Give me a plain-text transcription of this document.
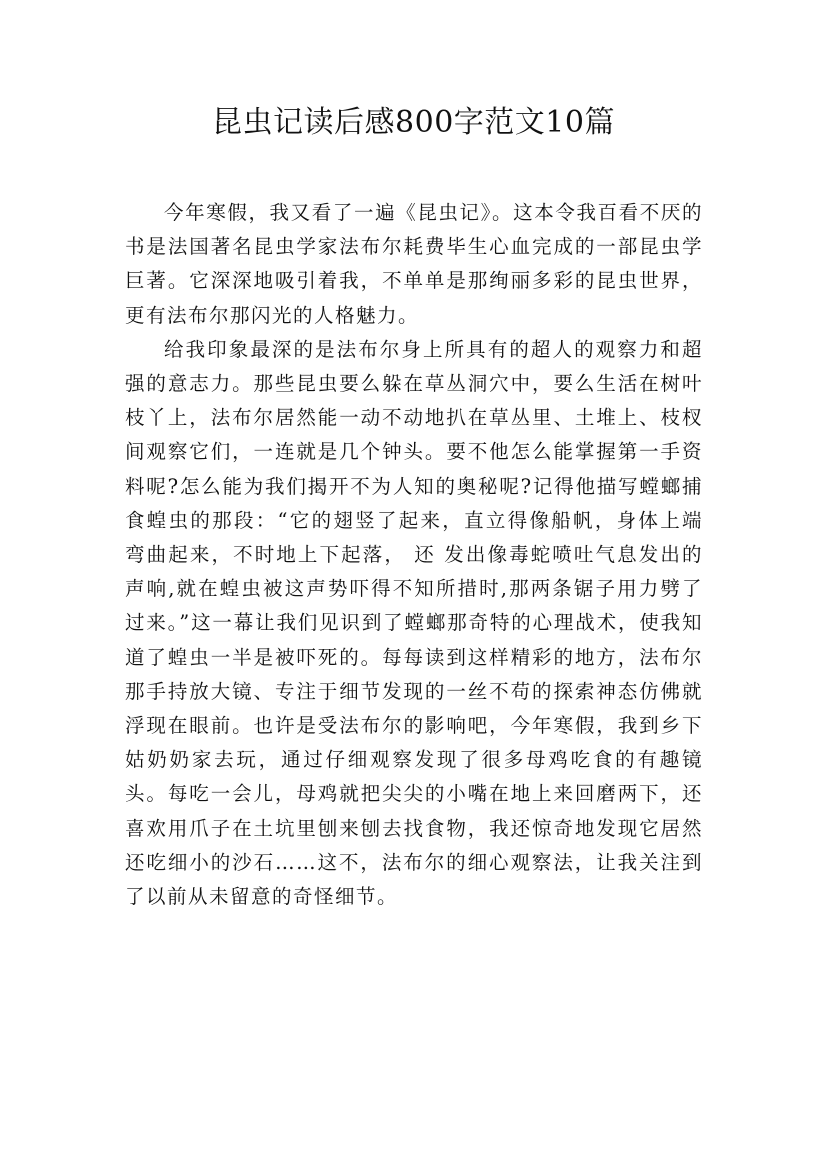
昆虫记读后感800字范文10篇

今年寒假，我又看了一遍《昆虫记》。这本令我百看不厌的书是法国著名昆虫学家法布尔耗费毕生心血完成的一部昆虫学巨著。它深深地吸引着我，不单单是那绚丽多彩的昆虫世界，更有法布尔那闪光的人格魅力。

给我印象最深的是法布尔身上所具有的超人的观察力和超强的意志力。那些昆虫要么躲在草丛洞穴中，要么生活在树叶枝丫上，法布尔居然能一动不动地扒在草丛里、土堆上、枝杈间观察它们，一连就是几个钟头。要不他怎么能掌握第一手资料呢?怎么能为我们揭开不为人知的奥秘呢?记得他描写螳螂捕食蝗虫的那段：“它的翅竖了起来，直立得像船帆，身体上端弯曲起来，不时地上下起落， 还 发出像毒蛇喷吐气息发出的声响,就在蝗虫被这声势吓得不知所措时,那两条锯子用力劈了过来。”这一幕让我们见识到了螳螂那奇特的心理战术，使我知道了蝗虫一半是被吓死的。每每读到这样精彩的地方，法布尔那手持放大镜、专注于细节发现的一丝不苟的探索神态仿佛就浮现在眼前。也许是受法布尔的影响吧，今年寒假，我到乡下姑奶奶家去玩，通过仔细观察发现了很多母鸡吃食的有趣镜头。每吃一会儿，母鸡就把尖尖的小嘴在地上来回磨两下，还喜欢用爪子在土坑里刨来刨去找食物，我还惊奇地发现它居然还吃细小的沙石……这不，法布尔的细心观察法，让我关注到了以前从未留意的奇怪细节。
